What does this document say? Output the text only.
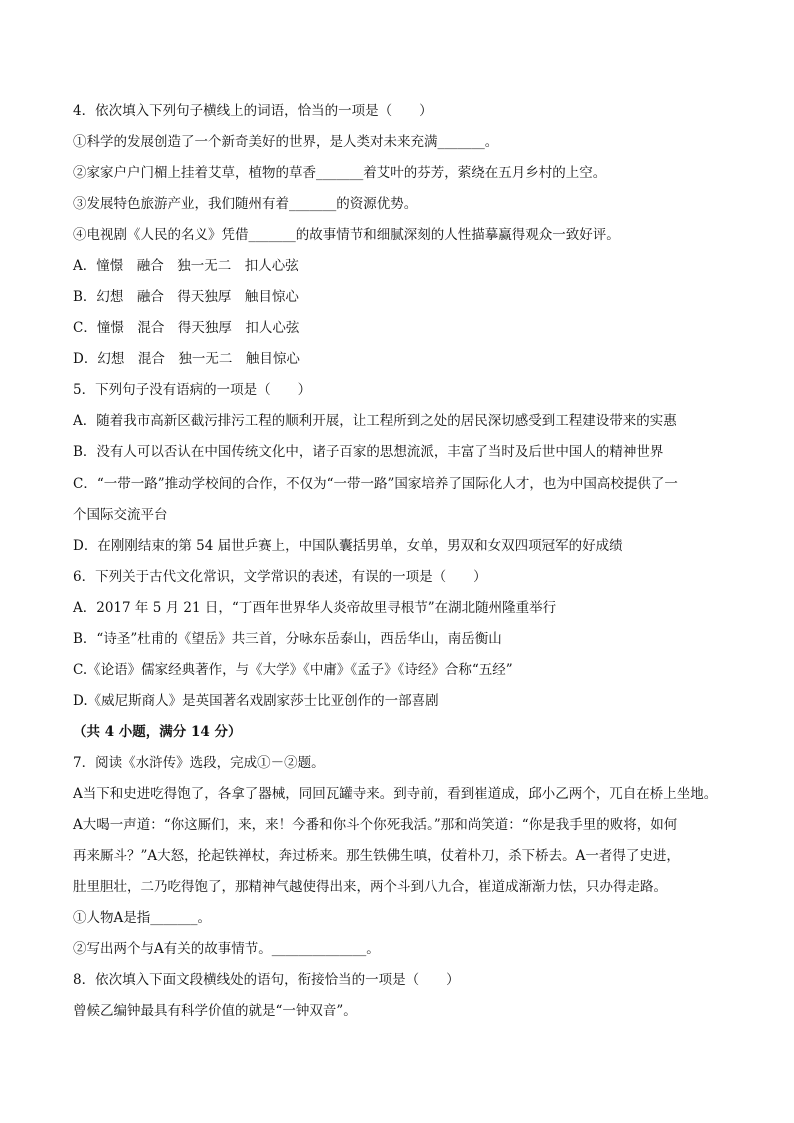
4．依次填入下列句子横线上的词语，恰当的一项是（　　）
①科学的发展创造了一个新奇美好的世界，是人类对未来充满_______。
②家家户户门楣上挂着艾草，植物的草香_______着艾叶的芬芳，萦绕在五月乡村的上空。
③发展特色旅游产业，我们随州有着_______的资源优势。
④电视剧《人民的名义》凭借_______的故事情节和细腻深刻的人性描摹赢得观众一致好评。
A．憧憬　融合　独一无二　扣人心弦
B．幻想　融合　得天独厚　触目惊心
C．憧憬　混合　得天独厚　扣人心弦
D．幻想　混合　独一无二　触目惊心
5．下列句子没有语病的一项是（　　）
A．随着我市高新区截污排污工程的顺利开展，让工程所到之处的居民深切感受到工程建设带来的实惠
B．没有人可以否认在中国传统文化中，诸子百家的思想流派，丰富了当时及后世中国人的精神世界
C．“一带一路”推动学校间的合作，不仅为“一带一路”国家培养了国际化人才，也为中国高校提供了一
个国际交流平台
D．在刚刚结束的第 54 届世乒赛上，中国队囊括男单，女单，男双和女双四项冠军的好成绩
6．下列关于古代文化常识，文学常识的表述，有误的一项是（　　）
A．2017 年 5 月 21 日，“丁酉年世界华人炎帝故里寻根节”在湖北随州隆重举行
B．“诗圣”杜甫的《望岳》共三首，分咏东岳泰山，西岳华山，南岳衡山
C.《论语》儒家经典著作，与《大学》《中庸》《孟子》《诗经》合称“五经”
D.《威尼斯商人》是英国著名戏剧家莎士比亚创作的一部喜剧
（共 4 小题，满分 14 分）
7．阅读《水浒传》选段，完成①－②题。
A当下和史进吃得饱了，各拿了器械，同回瓦罐寺来。到寺前，看到崔道成，邱小乙两个，兀自在桥上坐地。
A大喝一声道：“你这厮们，来，来！今番和你斗个你死我活。”那和尚笑道：“你是我手里的败将，如何
再来厮斗？”A大怒，抡起铁禅杖，奔过桥来。那生铁佛生嗔，仗着朴刀，杀下桥去。A一者得了史进，
肚里胆壮，二乃吃得饱了，那精神气越使得出来，两个斗到八九合，崔道成渐渐力怯，只办得走路。
①人物A是指_______。
②写出两个与A有关的故事情节。______________。
8．依次填入下面文段横线处的语句，衔接恰当的一项是（　　）
曾候乙编钟最具有科学价值的就是“一钟双音”。
